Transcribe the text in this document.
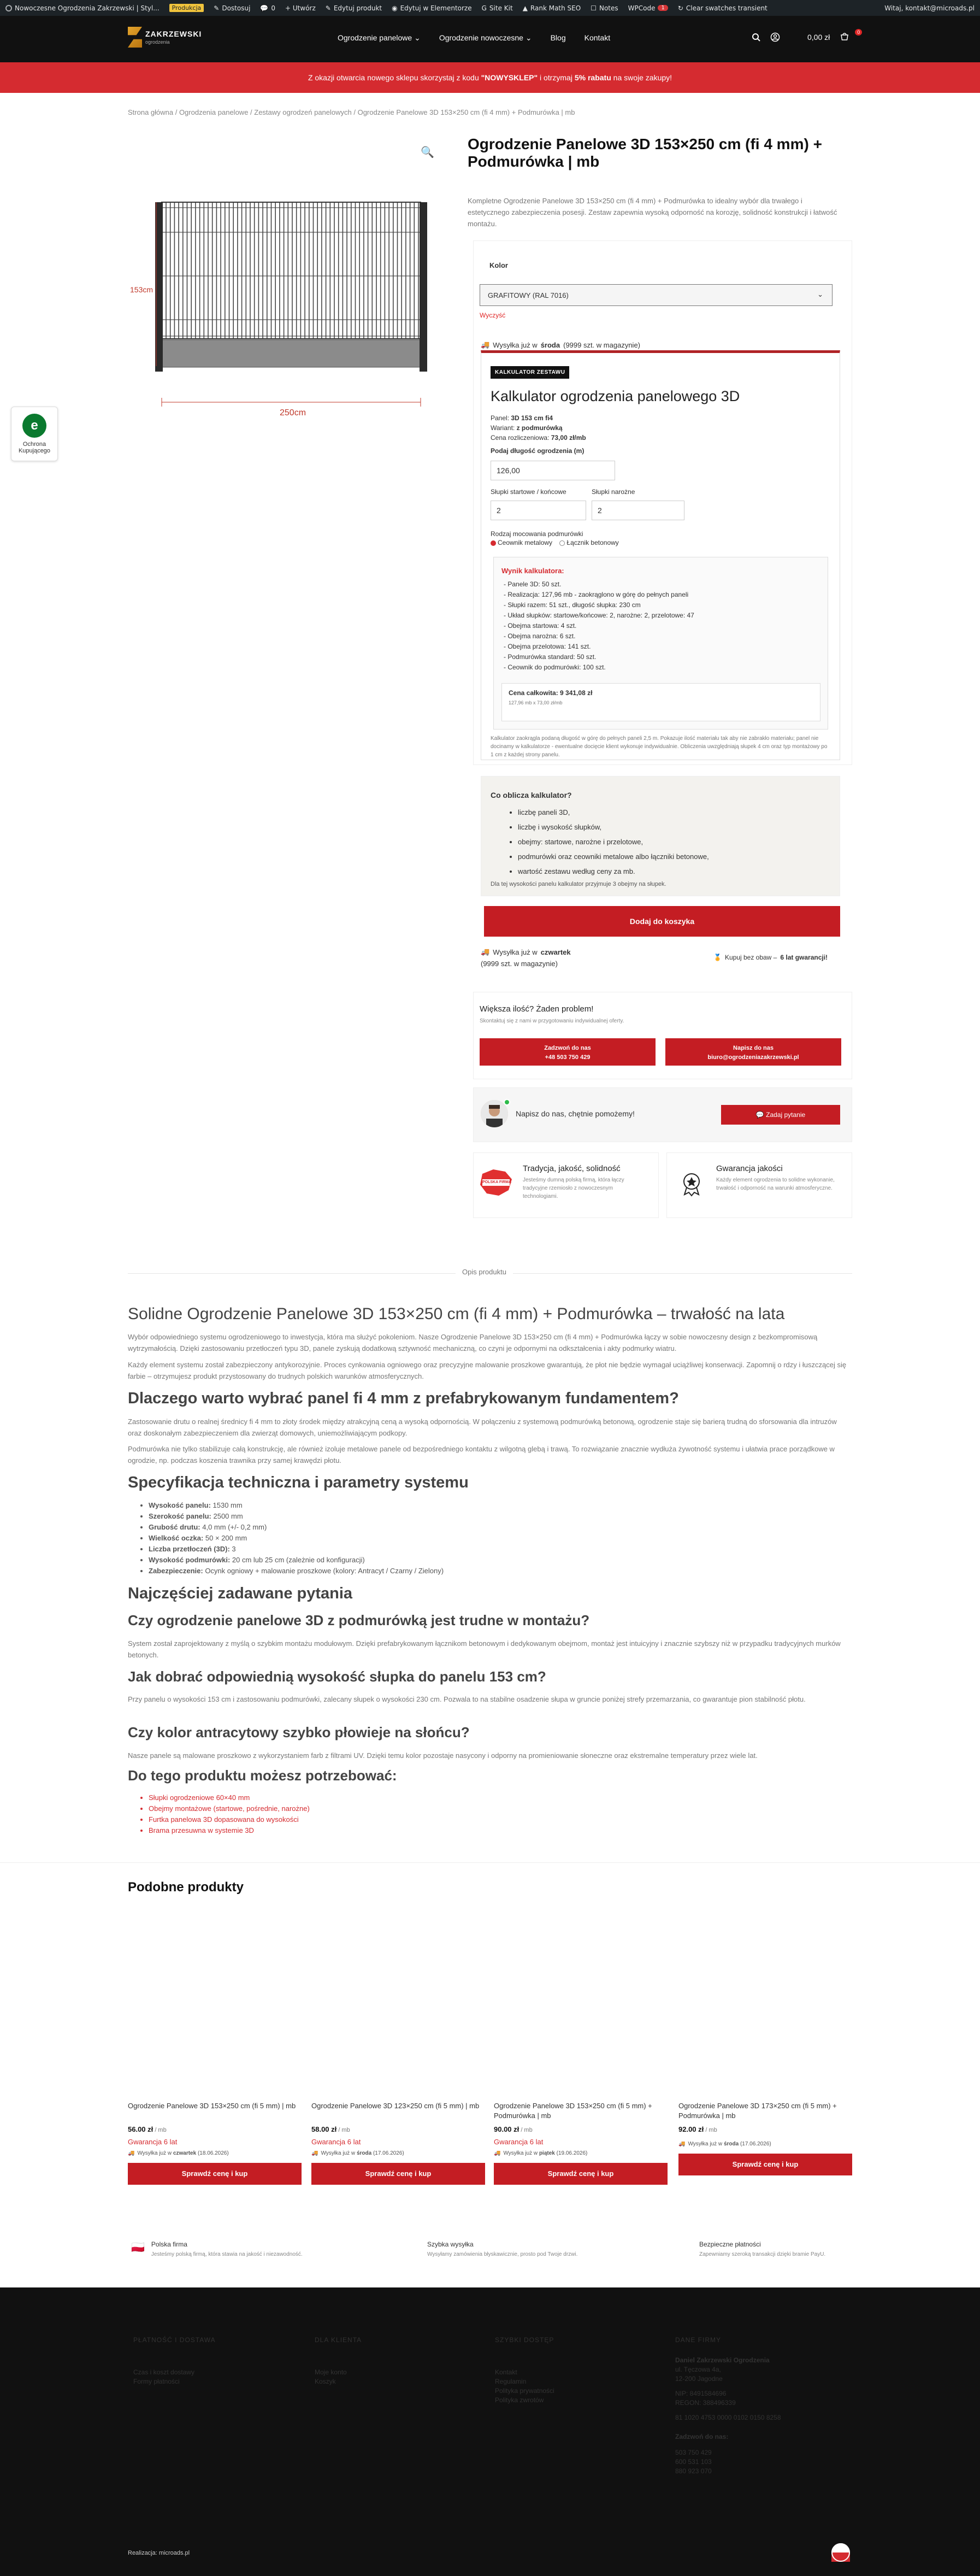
Nowoczesne Ogrodzenia Zakrzewski | Styl...	Produkcja	✎ Dostosuj 💬 0 + Utwórz ✎ Edytuj produkt ◉ Edytuj w Elementorze G Site Kit ▲ Rank Math SEO ☐ Notes WPCode	1	↻ Clear swatches transient	Witaj, kontakt@microads.pl
ZAKRZEWSKI
ogrodzenia	Ogrodzenie panelowe ⌄ Ogrodzenie nowoczesne ⌄ Blog Kontakt	0,00 zł
0
Z okazji otwarcia nowego sklepu skorzystaj z kodu
"NOWYSKLEP"
i otrzymaj
5% rabatu
na swoje zakupy!
Strona główna / Ogrodzenia panelowe / Zestawy ogrodzeń panelowych / Ogrodzenie Panelowe 3D 153×250 cm (fi 4 mm) + Podmurówka | mb
153cm
250cm
🔍
e
Ochrona Kupującego
Ogrodzenie Panelowe 3D 153×250 cm (fi 4 mm) + Podmurówka | mb

Kompletne Ogrodzenie Panelowe 3D 153×250 cm (fi 4 mm) + Podmurówka to idealny wybór dla trwałego i estetycznego zabezpieczenia posesji. Zestaw zapewnia wysoką odporność na korozję, solidność konstrukcji i łatwość montażu.

Kolor
GRAFITOWY (RAL 7016)	⌄
Wyczyść
🚚 Wysyłka już w środa (9999 szt. w magazynie)
KALKULATOR ZESTAWU
Kalkulator ogrodzenia panelowego 3D
Panel: 3D 153 cm fi4
Wariant: z podmurówką
Cena rozliczeniowa: 73,00 zł/mb
Podaj długość ogrodzenia (m)
126,00
Słupki startowe / końcowe
2
Słupki narożne
2
Rodzaj mocowania podmurówki
Ceownik metalowy Łącznik betonowy
Wynik kalkulatora:
- Panele 3D: 50 szt.
- Realizacja: 127,96 mb - zaokrąglono w górę do pełnych paneli
- Słupki razem: 51 szt., długość słupka: 230 cm
- Układ słupków: startowe/końcowe: 2, narożne: 2, przelotowe: 47
- Obejma startowa: 4 szt.
- Obejma narożna: 6 szt.
- Obejma przelotowa: 141 szt.
- Podmurówka standard: 50 szt.
- Ceownik do podmurówki: 100 szt.
Cena całkowita: 9 341,08 zł
127,96 mb x 73,00 zł/mb
Kalkulator zaokrągla podaną długość w górę do pełnych paneli 2,5 m. Pokazuje ilość materiału tak aby nie zabrakło materiału; panel nie docinamy w kalkulatorze - ewentualne docięcie klient wykonuje indywidualnie. Obliczenia uwzględniają słupek 4 cm oraz typ montażowy po 1 cm z każdej strony panelu.
Co oblicza kalkulator?
• liczbę paneli 3D,
• liczbę i wysokość słupków,
• obejmy: startowe, narożne i przelotowe,
• podmurówki oraz ceowniki metalowe albo łączniki betonowe,
• wartość zestawu według ceny za mb.
Dla tej wysokości panelu kalkulator przyjmuje 3 obejmy na słupek.
Dodaj do koszyka
🚚 Wysyłka już w czwartek
(9999 szt. w magazynie)
🏅 Kupuj bez obaw – 6 lat gwarancji!
Większa ilość? Żaden problem!
Skontaktuj się z nami w przygotowaniu indywidualnej oferty.
Zadzwoń do nas
+48 503 750 429
Napisz do nas
biuro@ogrodzeniazakrzewski.pl
Napisz do nas, chętnie pomożemy!	💬 Zadaj pytanie
POLSKA FIRMA
Tradycja, jakość, solidność
Jesteśmy dumną polską firmą, która łączy tradycyjne rzemiosło z nowoczesnym technologiami.
Gwarancja jakości
Każdy element ogrodzenia to solidne wykonanie, trwałość i odporność na warunki atmosferyczne.
Opis produktu
Solidne Ogrodzenie Panelowe 3D 153×250 cm (fi 4 mm) + Podmurówka – trwałość na lata

Wybór odpowiedniego systemu ogrodzeniowego to inwestycja, która ma służyć pokoleniom. Nasze Ogrodzenie Panelowe 3D 153×250 cm (fi 4 mm) + Podmurówka łączy w sobie nowoczesny design z bezkompromisową wytrzymałością. Dzięki zastosowaniu przetłoczeń typu 3D, panele zyskują dodatkową sztywność mechaniczną, co czyni je odpornymi na odkształcenia i akty podmurky wiatru.

Każdy element systemu został zabezpieczony antykorozyjnie. Proces cynkowania ogniowego oraz precyzyjne malowanie proszkowe gwarantują, że płot nie będzie wymagał uciążliwej konserwacji. Zapomnij o rdzy i łuszczącej się farbie – otrzymujesz produkt przystosowany do trudnych polskich warunków atmosferycznych.

Dlaczego warto wybrać panel fi 4 mm z prefabrykowanym fundamentem?

Zastosowanie drutu o realnej średnicy fi 4 mm to złoty środek między atrakcyjną ceną a wysoką odpornością. W połączeniu z systemową podmurówką betonową, ogrodzenie staje się barierą trudną do sforsowania dla intruzów oraz doskonałym zabezpieczeniem dla zwierząt domowych, uniemożliwiającym podkopy.

Podmurówka nie tylko stabilizuje całą konstrukcję, ale również izoluje metalowe panele od bezpośredniego kontaktu z wilgotną glebą i trawą. To rozwiązanie znacznie wydłuża żywotność systemu i ułatwia prace porządkowe w ogrodzie, np. podczas koszenia trawnika przy samej krawędzi płotu.

Specyfikacja techniczna i parametry systemu
• Wysokość panelu: 1530 mm
• Szerokość panelu: 2500 mm
• Grubość drutu: 4,0 mm (+/- 0,2 mm)
• Wielkość oczka: 50 × 200 mm
• Liczba przetłoczeń (3D): 3
• Wysokość podmurówki: 20 cm lub 25 cm (zależnie od konfiguracji)
• Zabezpieczenie: Ocynk ogniowy + malowanie proszkowe (kolory: Antracyt / Czarny / Zielony)
Najczęściej zadawane pytania
Czy ogrodzenie panelowe 3D z podmurówką jest trudne w montażu?

System został zaprojektowany z myślą o szybkim montażu modułowym. Dzięki prefabrykowanym łącznikom betonowym i dedykowanym obejmom, montaż jest intuicyjny i znacznie szybszy niż w przypadku tradycyjnych murków betonych.

Jak dobrać odpowiednią wysokość słupka do panelu 153 cm?

Przy panelu o wysokości 153 cm i zastosowaniu podmurówki, zalecany słupek o wysokości 230 cm. Pozwala to na stabilne osadzenie słupa w gruncie poniżej strefy przemarzania, co gwarantuje pion stabilność płotu.

Czy kolor antracytowy szybko płowieje na słońcu?

Nasze panele są malowane proszkowo z wykorzystaniem farb z filtrami UV. Dzięki temu kolor pozostaje nasycony i odporny na promieniowanie słoneczne oraz ekstremalne temperatury przez wiele lat.

Do tego produktu możesz potrzebować:
• Słupki ogrodzeniowe 60×40 mm
• Obejmy montażowe (startowe, pośrednie, narożne)
• Furtka panelowa 3D dopasowana do wysokości
• Brama przesuwna w systemie 3D
Podobne produkty
Ogrodzenie Panelowe 3D 153×250 cm (fi 5 mm) | mb
56.00 zł / mb
Gwarancja 6 lat
🚚 Wysyłka już w czwartek (18.06.2026)
Sprawdź cenę i kup
Ogrodzenie Panelowe 3D 123×250 cm (fi 5 mm) | mb
58.00 zł / mb
Gwarancja 6 lat
🚚 Wysyłka już w środa (17.06.2026)
Sprawdź cenę i kup
Ogrodzenie Panelowe 3D 153×250 cm (fi 5 mm) + Podmurówka | mb
90.00 zł / mb
Gwarancja 6 lat
🚚 Wysyłka już w piątek (19.06.2026)
Sprawdź cenę i kup
Ogrodzenie Panelowe 3D 173×250 cm (fi 5 mm) + Podmurówka | mb
92.00 zł / mb
🚚 Wysyłka już w środa (17.06.2026)
Sprawdź cenę i kup
🇵🇱 Polska firma
Jesteśmy polską firmą, która stawia na jakość i niezawodność.
Szybka wysyłka
Wysyłamy zamówienia błyskawicznie, prosto pod Twoje drzwi.
Bezpieczne płatności
Zapewniamy szeroką transakcji dzięki bramie PayU.
PŁATNOŚĆ I DOSTAWA
Czas i koszt dostawy
Formy płatności
DLA KLIENTA
Moje konto
Koszyk
SZYBKI DOSTĘP
Kontakt
Regulamin
Polityka prywatności
Polityka zwrotów
DANE FIRMY
Daniel Zakrzewski Ogrodzenia
ul. Tęczowa 4a,
12-200 Jagodne
NIP: 8491584696
REGON: 388496339
81 1020 4753 0000 0102 0150 8258
Zadzwoń do nas:
503 750 429
600 531 103
880 923 070
Realizacja: microads.pl
